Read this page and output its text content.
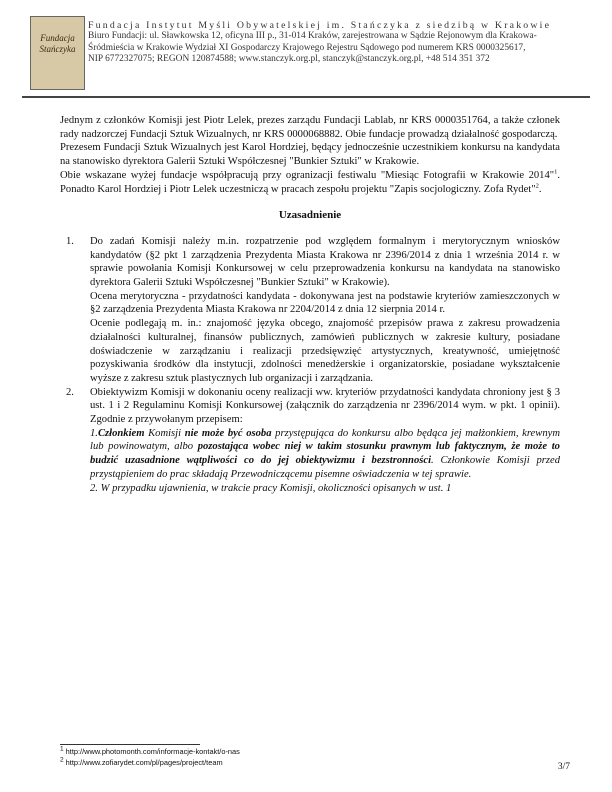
Fundacja
Stańczyka
Fundacja Instytut Myśli Obywatelskiej im. Stańczyka z siedzibą w Krakowie
Biuro Fundacji: ul. Sławkowska 12, oficyna III p., 31-014 Kraków, zarejestrowana w Sądzie Rejonowym dla Krakowa-
Śródmieścia w Krakowie Wydział XI Gospodarczy Krajowego Rejestru Sądowego pod numerem KRS 0000325617,
NIP 6772327075; REGON 120874588; www.stanczyk.org.pl, stanczyk@stanczyk.org.pl, +48 514 351 372

Jednym z członków Komisji jest Piotr Lelek, prezes zarządu Fundacji Lablab, nr KRS 0000351764, a także członek rady nadzorczej Fundacji Sztuk Wizualnych, nr KRS 0000068882. Obie fundacje prowadzą działalność gospodarczą.

Prezesem Fundacji Sztuk Wizualnych jest Karol Hordziej, będący jednocześnie uczestnikiem konkursu na kandydata na stanowisko dyrektora Galerii Sztuki Współczesnej "Bunkier Sztuki" w Krakowie.

Obie wskazane wyżej fundacje współpracują przy ogranizacji festiwalu "Miesiąc Fotografii w Krakowie 2014"$^1$. Ponadto Karol Hordziej i Piotr Lelek uczestniczą w pracach zespołu projektu "Zapis socjologiczny. Zofa Rydet"$^2$.

Uzasadnienie
1. Do zadań Komisji należy m.in. rozpatrzenie pod względem formalnym i merytorycznym wniosków kandydatów (§2 pkt 1 zarządzenia Prezydenta Miasta Krakowa nr 2396/2014 z dnia 1 września 2014 r. w sprawie powołania Komisji Konkursowej w celu przeprowadzenia konkursu na kandydata na stanowisko dyrektora Galerii Sztuki Współczesnej "Bunkier Sztuki" w Krakowie).

Ocena merytoryczna - przydatności kandydata - dokonywana jest na podstawie kryteriów zamieszczonych w §2 zarządzenia Prezydenta Miasta Krakowa nr 2204/2014 z dnia 12 sierpnia 2014 r.

Ocenie podlegają m. in.: znajomość języka obcego, znajomość przepisów prawa z zakresu prowadzenia działalności kulturalnej, finansów publicznych, zamówień publicznych w zakresie kultury, posiadane doświadczenie w zarządzaniu i realizacji przedsięwzięć artystycznych, kreatywność, umiejętność pozyskiwania środków dla instytucji, zdolności menedżerskie i organizatorskie, posiadane wykształcenie wyższe z zakresu sztuk plastycznych lub organizacji i zarządzania.

2. Obiektywizm Komisji w dokonaniu oceny realizacji ww. kryteriów przydatności kandydata chroniony jest § 3 ust. 1 i 2 Regulaminu Komisji Konkursowej (załącznik do zarządzenia nr 2396/2014 wym. w pkt. 1 opinii). Zgodnie z przywołanym przepisem:

1.Członkiem Komisji nie może być osoba przystępująca do konkursu albo będąca jej małżonkiem, krewnym lub powinowatym, albo pozostająca wobec niej w takim stosunku prawnym lub faktycznym, że może to budzić uzasadnione wątpliwości co do jej obiektywizmu i bezstronności. Członkowie Komisji przed przystąpieniem do prac składają Przewodniczącemu pisemne oświadczenia w tej sprawie.

2. W przypadku ujawnienia, w trakcie pracy Komisji, okoliczności opisanych w ust. 1

$^1$ http://www.photomonth.com/informacje-kontakt/o-nas
$^2$ http://www.zofiarydet.com/pl/pages/project/team	3/7
